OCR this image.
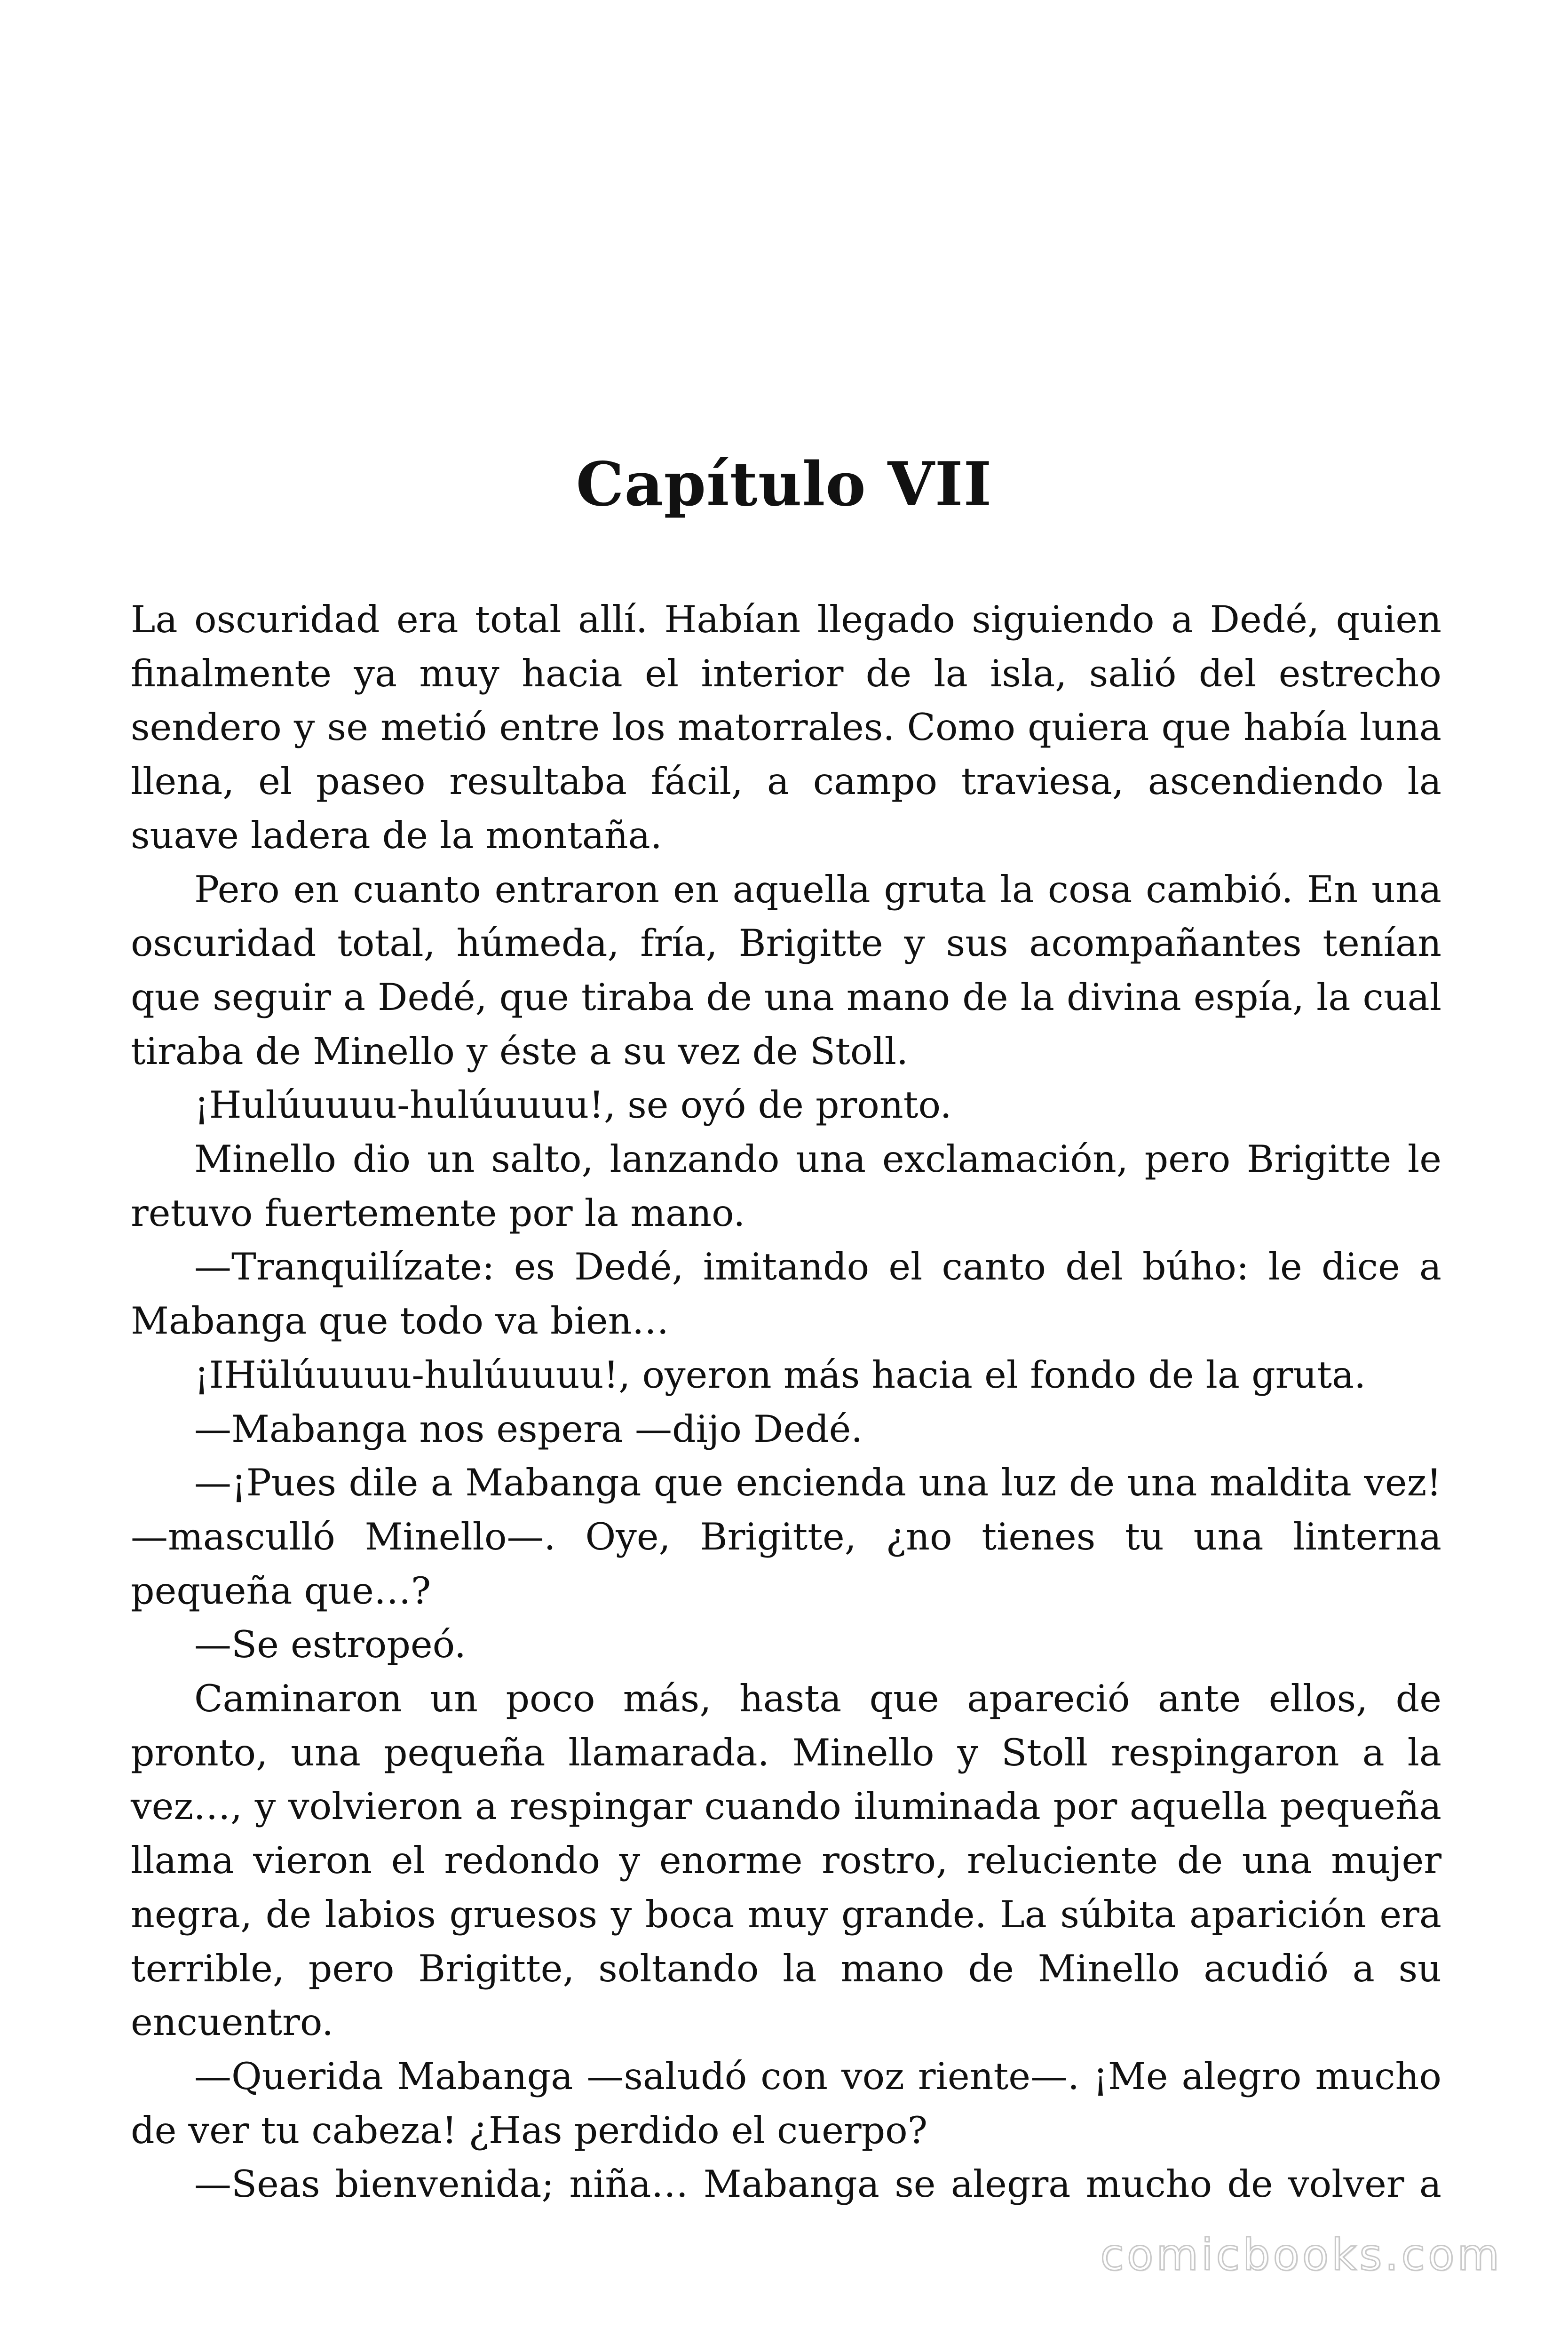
Capítulo VII

La oscuridad era total allí. Habían llegado siguiendo a Dedé, quien finalmente ya muy hacia el interior de la isla, salió del estrecho sendero y se metió entre los matorrales. Como quiera que había luna llena, el paseo resultaba fácil, a campo traviesa, ascendiendo la suave ladera de la montaña.

Pero en cuanto entraron en aquella gruta la cosa cambió. En una oscuridad total, húmeda, fría, Brigitte y sus acompañantes tenían que seguir a Dedé, que tiraba de una mano de la divina espía, la cual tiraba de Minello y éste a su vez de Stoll.

¡Hulúuuuu-hulúuuuu!, se oyó de pronto.

Minello dio un salto, lanzando una exclamación, pero Brigitte le retuvo fuertemente por la mano.

—Tranquilízate: es Dedé, imitando el canto del búho: le dice a Mabanga que todo va bien…

¡IHülúuuuu-hulúuuuu!, oyeron más hacia el fondo de la gruta.

—Mabanga nos espera —dijo Dedé.

—¡Pues dile a Mabanga que encienda una luz de una maldita vez! —masculló Minello—. Oye, Brigitte, ¿no tienes tu una linterna pequeña que…?

—Se estropeó.

Caminaron un poco más, hasta que apareció ante ellos, de pronto, una pequeña llamarada. Minello y Stoll respingaron a la vez…, y volvieron a respingar cuando iluminada por aquella pequeña llama vieron el redondo y enorme rostro, reluciente de una mujer negra, de labios gruesos y boca muy grande. La súbita aparición era terrible, pero Brigitte, soltando la mano de Minello acudió a su encuentro.

—Querida Mabanga —saludó con voz riente—. ¡Me alegro mucho de ver tu cabeza! ¿Has perdido el cuerpo?

—Seas bienvenida; niña… Mabanga se alegra mucho de volver a

comicbooks.com
